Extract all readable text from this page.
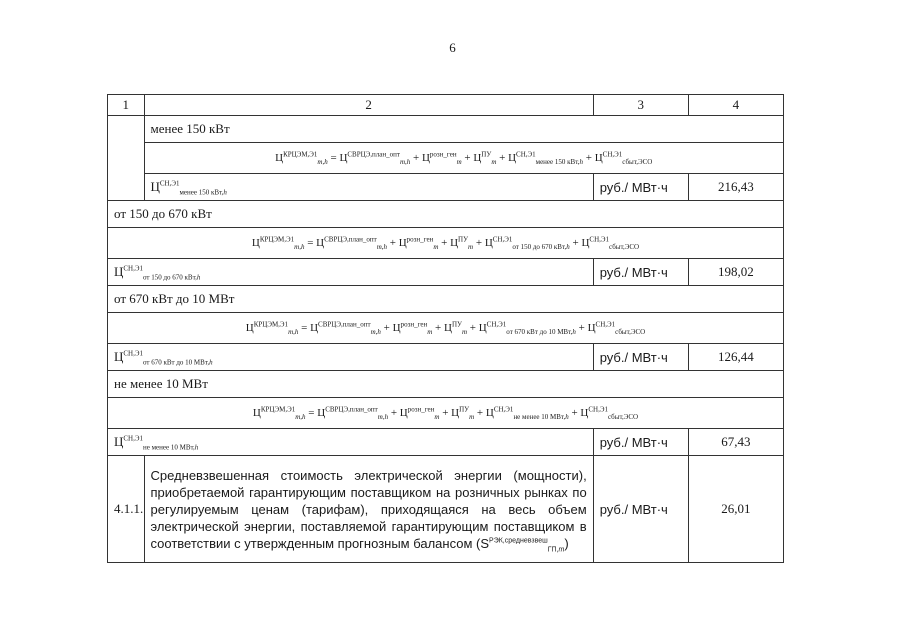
6
1	2	3	4
	менее 150 кВт		
	$Ц^{КРЦЭМ,Э1}_{m,h} = Ц^{СВРЦЭ,план\_опт}_{m,h} + Ц^{розн\_ген}_m + Ц^{ПУ}_m + Ц^{СН,Э1}_{менее 150 кВт,h} + Ц^{СН,Э1}_{сбыт,ЭСО}$
	$Ц^{СН,Э1}_{менее 150 кВт,h}$	руб./ МВт·ч	216,43
от 150 до 670 кВт			
$Ц^{КРЦЭМ,Э1}_{m,h} = Ц^{СВРЦЭ,план\_опт}_{m,h} + Ц^{розн\_ген}_m + Ц^{ПУ}_m + Ц^{СН,Э1}_{от 150 до 670 кВт,h} + Ц^{СН,Э1}_{сбыт,ЭСО}$
$Ц^{СН,Э1}_{от 150 до 670 кВт,h}$		руб./ МВт·ч	198,02
от 670 кВт до 10 МВт			
$Ц^{КРЦЭМ,Э1}_{m,h} = Ц^{СВРЦЭ,план\_опт}_{m,h} + Ц^{розн\_ген}_m + Ц^{ПУ}_m + Ц^{СН,Э1}_{от 670 кВт до 10 МВт,h} + Ц^{СН,Э1}_{сбыт,ЭСО}$
$Ц^{СН,Э1}_{от 670 кВт до 10 МВт,h}$		руб./ МВт·ч	126,44
не менее 10 МВт			
$Ц^{КРЦЭМ,Э1}_{m,h} = Ц^{СВРЦЭ,план\_опт}_{m,h} + Ц^{розн\_ген}_m + Ц^{ПУ}_m + Ц^{СН,Э1}_{не менее 10 МВт,h} + Ц^{СН,Э1}_{сбыт,ЭСО}$
$Ц^{СН,Э1}_{не менее 10 МВт,h}$		руб./ МВт·ч	67,43
4.1.1.	Средневзвешенная стоимость электрической энергии (мощности), приобретаемой гарантирующим поставщиком на розничных рынках по регулируемым ценам (тарифам), приходящаяся на весь объем электрической энергии, поставляемой гарантирующим поставщиком в соответствии с утвержденным прогнозным балансом $(S^{РЭК,средневзвеш}_{ГП,m})$	руб./ МВт·ч	26,01
